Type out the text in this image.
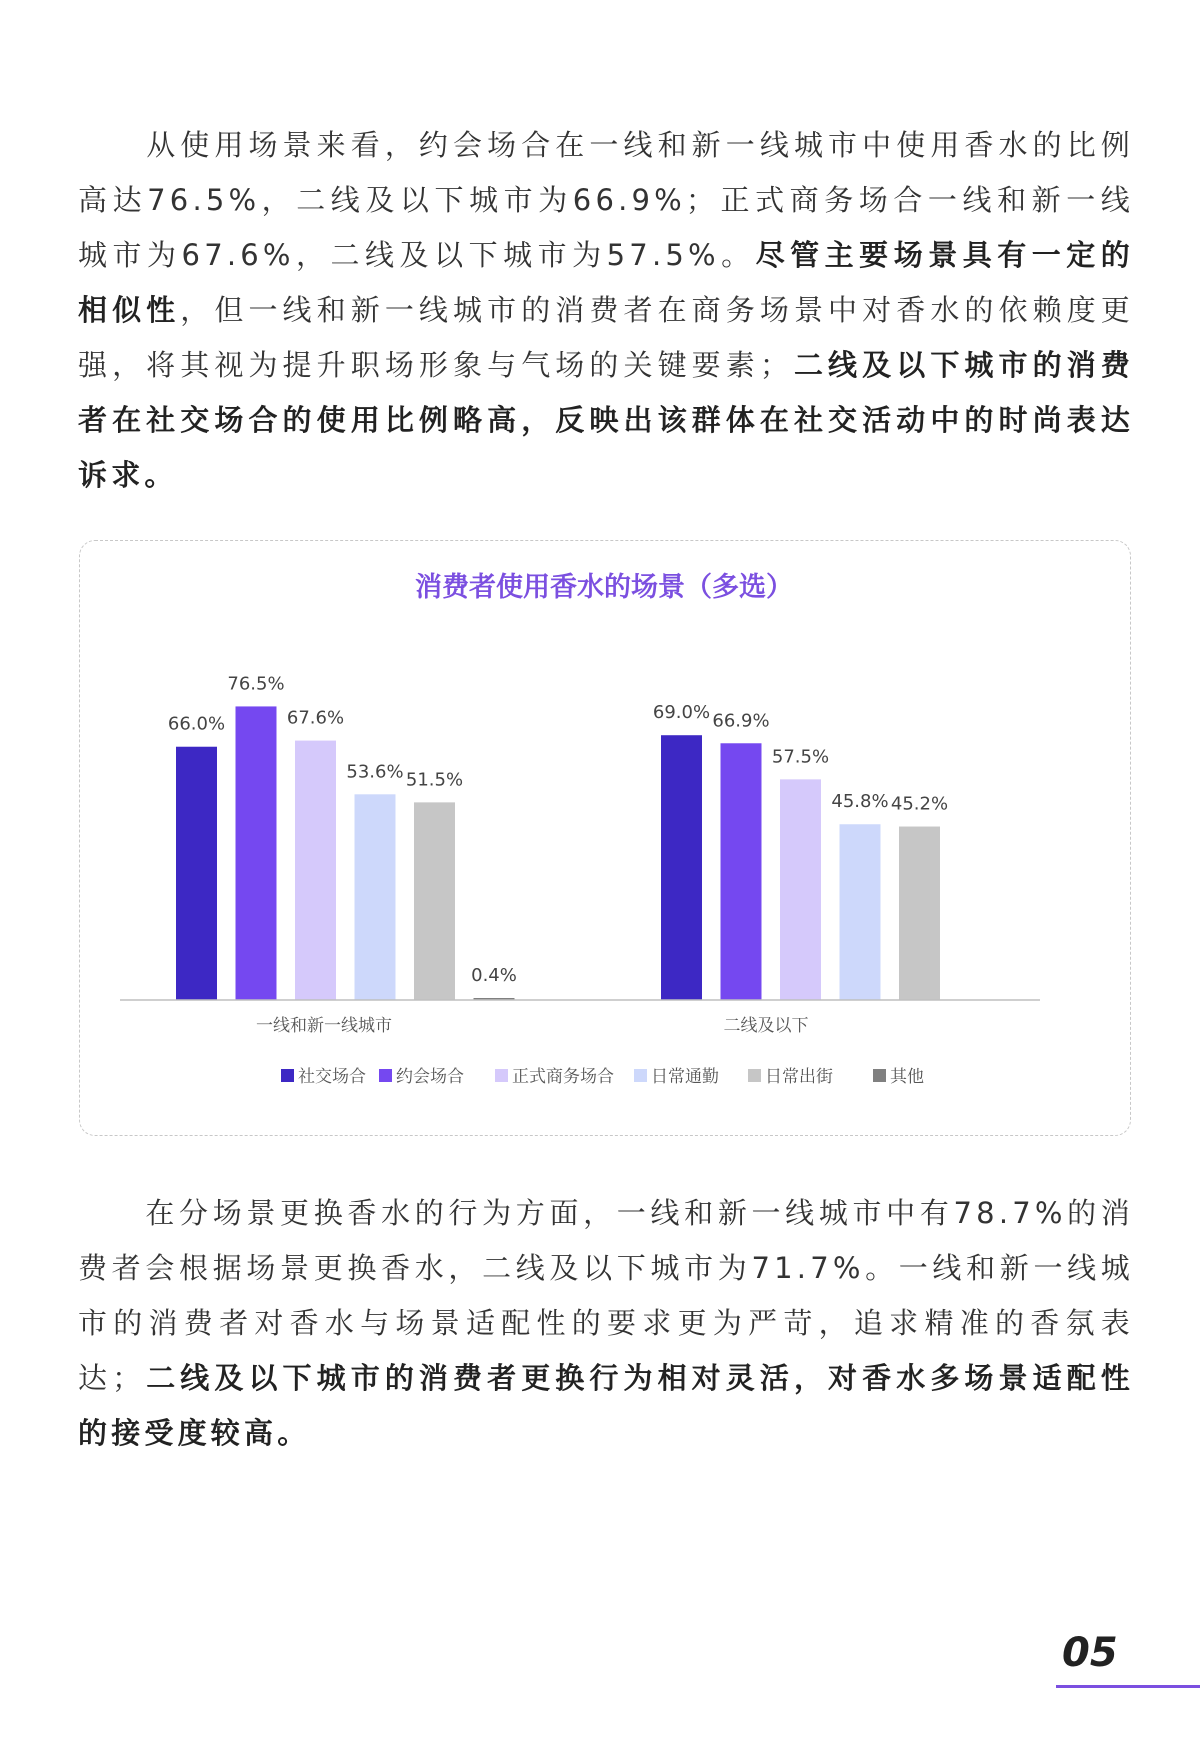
　　从使用场景来看，约会场合在一线和新一线城市中使用香水的比例高达76.5%，二线及以下城市为66.9%；正式商务场合一线和新一线城市为67.6%，二线及以下城市为57.5%。尽管主要场景具有一定的相似性，但一线和新一线城市的消费者在商务场景中对香水的依赖度更强，将其视为提升职场形象与气场的关键要素；二线及以下城市的消费者在社交场合的使用比例略高，反映出该群体在社交活动中的时尚表达诉求。

消费者使用香水的场景（多选）
66.0%
69.0%
76.5%
66.9%
67.6%
57.5%
53.6%
45.8%
51.5%
45.2%
0.4%
一线和新一线城市	二线及以下
社交场合 约会场合	正式商务场合 日常通勤	日常出街	其他

　　在分场景更换香水的行为方面，一线和新一线城市中有78.7%的消费者会根据场景更换香水，二线及以下城市为71.7%。一线和新一线城市的消费者对香水与场景适配性的要求更为严苛，追求精准的香氛表达；二线及以下城市的消费者更换行为相对灵活，对香水多场景适配性的接受度较高。

05
